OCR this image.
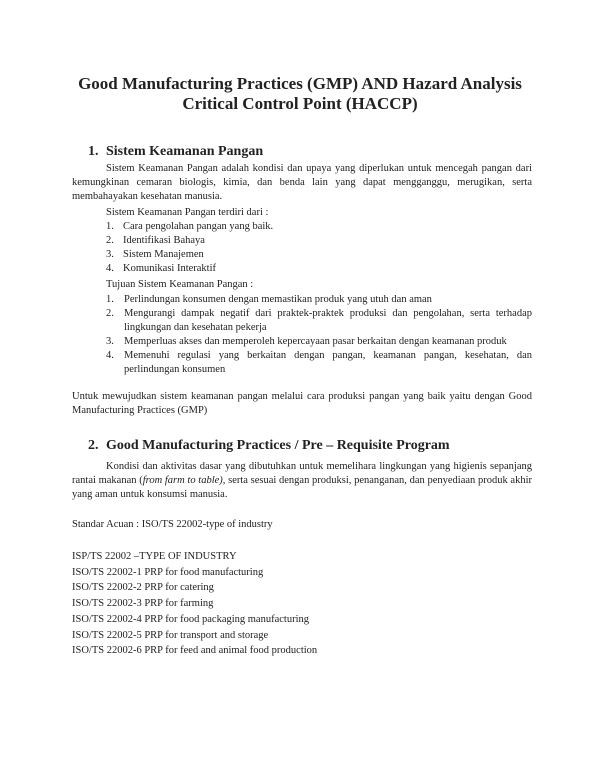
Good Manufacturing Practices (GMP) AND Hazard Analysis Critical Control Point (HACCP)
1. Sistem Keamanan Pangan

Sistem Keamanan Pangan adalah kondisi dan upaya yang diperlukan untuk mencegah pangan dari kemungkinan cemaran biologis, kimia, dan benda lain yang dapat mengganggu, merugikan, serta membahayakan kesehatan manusia.

Sistem Keamanan Pangan terdiri dari :
1. Cara pengolahan pangan yang baik.
2. Identifikasi Bahaya
3. Sistem Manajemen
4. Komunikasi Interaktif
Tujuan Sistem Keamanan Pangan :
1. Perlindungan konsumen dengan memastikan produk yang utuh dan aman
2. Mengurangi dampak negatif dari praktek-praktek produksi dan pengolahan, serta terhadap lingkungan dan kesehatan pekerja
3. Memperluas akses dan memperoleh kepercayaan pasar berkaitan dengan keamanan produk
4. Memenuhi regulasi yang berkaitan dengan pangan, keamanan pangan, kesehatan, dan perlindungan konsumen

Untuk mewujudkan sistem keamanan pangan melalui cara produksi pangan yang baik yaitu dengan Good Manufacturing Practices (GMP)

2. Good Manufacturing Practices / Pre – Requisite Program

Kondisi dan aktivitas dasar yang dibutuhkan untuk memelihara lingkungan yang higienis sepanjang rantai makanan (from farm to table), serta sesuai dengan produksi, penanganan, dan penyediaan produk akhir yang aman untuk konsumsi manusia.

Standar Acuan : ISO/TS 22002-type of industry
ISP/TS 22002 –TYPE OF INDUSTRY
ISO/TS 22002-1 PRP for food manufacturing
ISO/TS 22002-2 PRP for catering
ISO/TS 22002-3 PRP for farming
ISO/TS 22002-4 PRP for food packaging manufacturing
ISO/TS 22002-5 PRP for transport and storage
ISO/TS 22002-6 PRP for feed and animal food production
